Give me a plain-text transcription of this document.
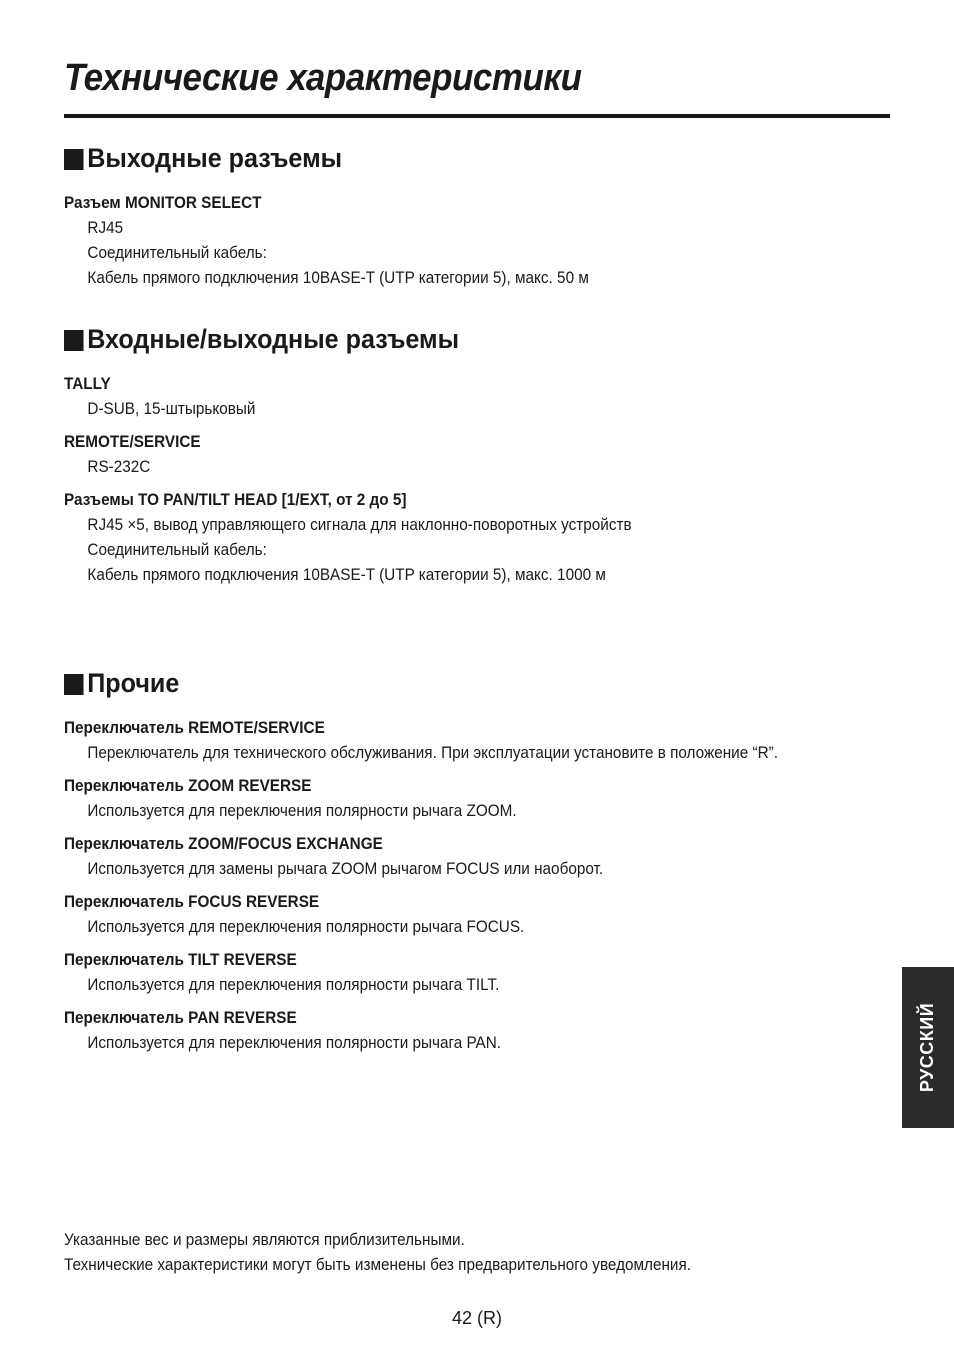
Технические характеристики
Выходные разъемы
Разъем MONITOR SELECT
RJ45
Соединительный кабель:
Кабель прямого подключения 10BASE-T (UTP категории 5), макс. 50 м
Входные/выходные разъемы
TALLY
D-SUB, 15-штырьковый
REMOTE/SERVICE
RS-232C
Разъемы TO PAN/TILT HEAD [1/EXT, от 2 до 5]
RJ45 ×5, вывод управляющего сигнала для наклонно-поворотных устройств
Соединительный кабель:
Кабель прямого подключения 10BASE-T (UTP категории 5), макс. 1000 м
Прочие
Переключатель REMOTE/SERVICE
Переключатель для технического обслуживания. При эксплуатации установите в положение “R”.
Переключатель ZOOM REVERSE
Используется для переключения полярности рычага ZOOM.
Переключатель ZOOM/FOCUS EXCHANGE
Используется для замены рычага ZOOM рычагом FOCUS или наоборот.
Переключатель FOCUS REVERSE
Используется для переключения полярности рычага FOCUS.
Переключатель TILT REVERSE
Используется для переключения полярности рычага TILT.
Переключатель PAN REVERSE
Используется для переключения полярности рычага PAN.	РУССКИЙ
Указанные вес и размеры являются приблизительными.
Технические характеристики могут быть изменены без предварительного уведомления.
42 (R)
